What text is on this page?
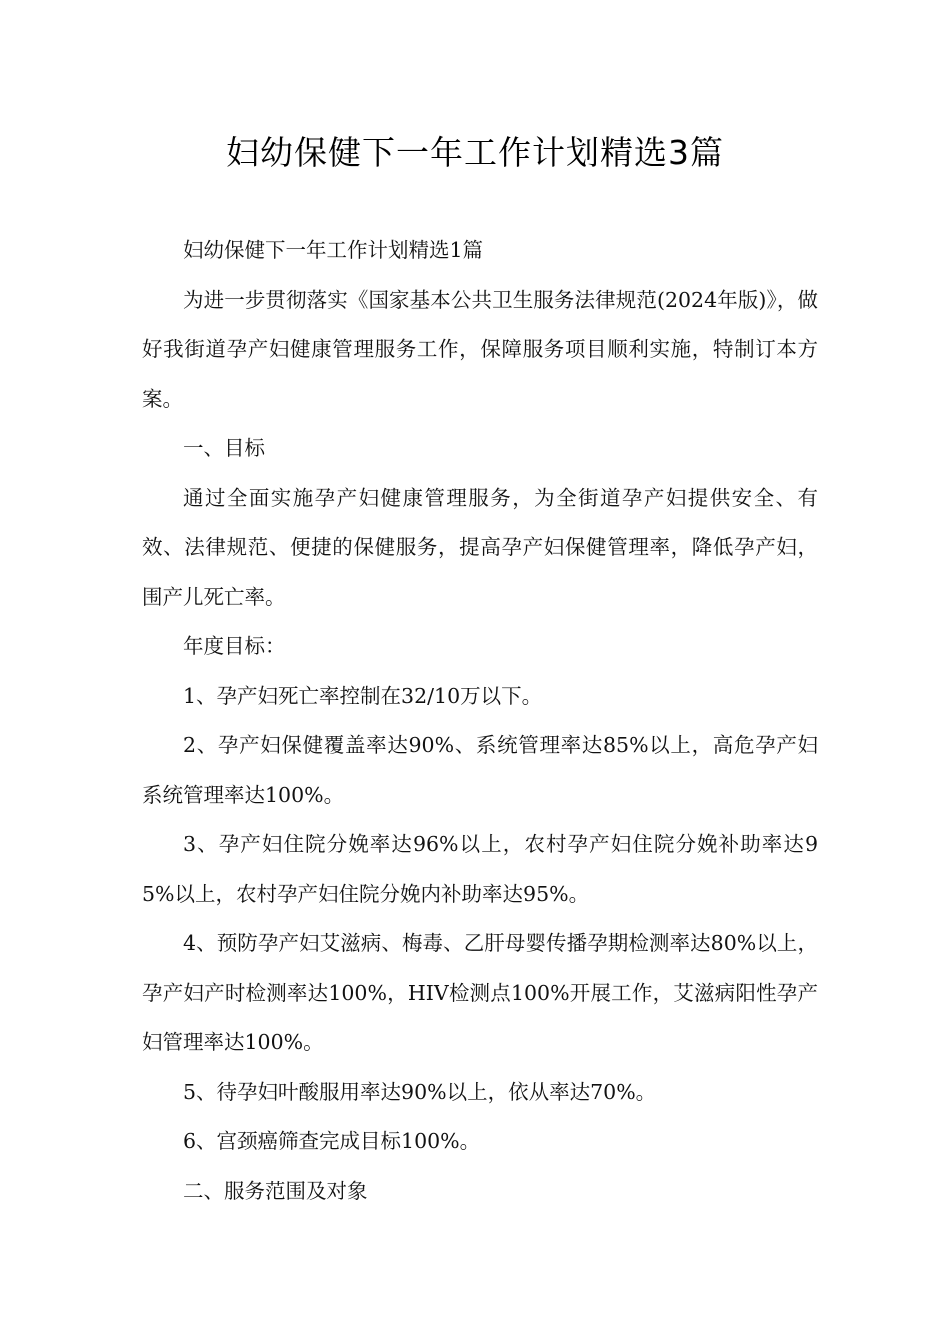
妇幼保健下一年工作计划精选3篇

妇幼保健下一年工作计划精选1篇

为进一步贯彻落实《国家基本公共卫生服务法律规范(2024年版)》，做好我街道孕产妇健康管理服务工作，保障服务项目顺利实施，特制订本方案。

一、目标

通过全面实施孕产妇健康管理服务，为全街道孕产妇提供安全、有效、法律规范、便捷的保健服务，提高孕产妇保健管理率，降低孕产妇，围产儿死亡率。

年度目标：

1、孕产妇死亡率控制在32/10万以下。

2、孕产妇保健覆盖率达90%、系统管理率达85%以上，高危孕产妇系统管理率达100%。

3、孕产妇住院分娩率达96%以上，农村孕产妇住院分娩补助率达95%以上，农村孕产妇住院分娩内补助率达95%。

4、预防孕产妇艾滋病、梅毒、乙肝母婴传播孕期检测率达80%以上，孕产妇产时检测率达100%，HIV检测点100%开展工作，艾滋病阳性孕产妇管理率达100%。

5、待孕妇叶酸服用率达90%以上，依从率达70%。

6、宫颈癌筛查完成目标100%。

二、服务范围及对象
